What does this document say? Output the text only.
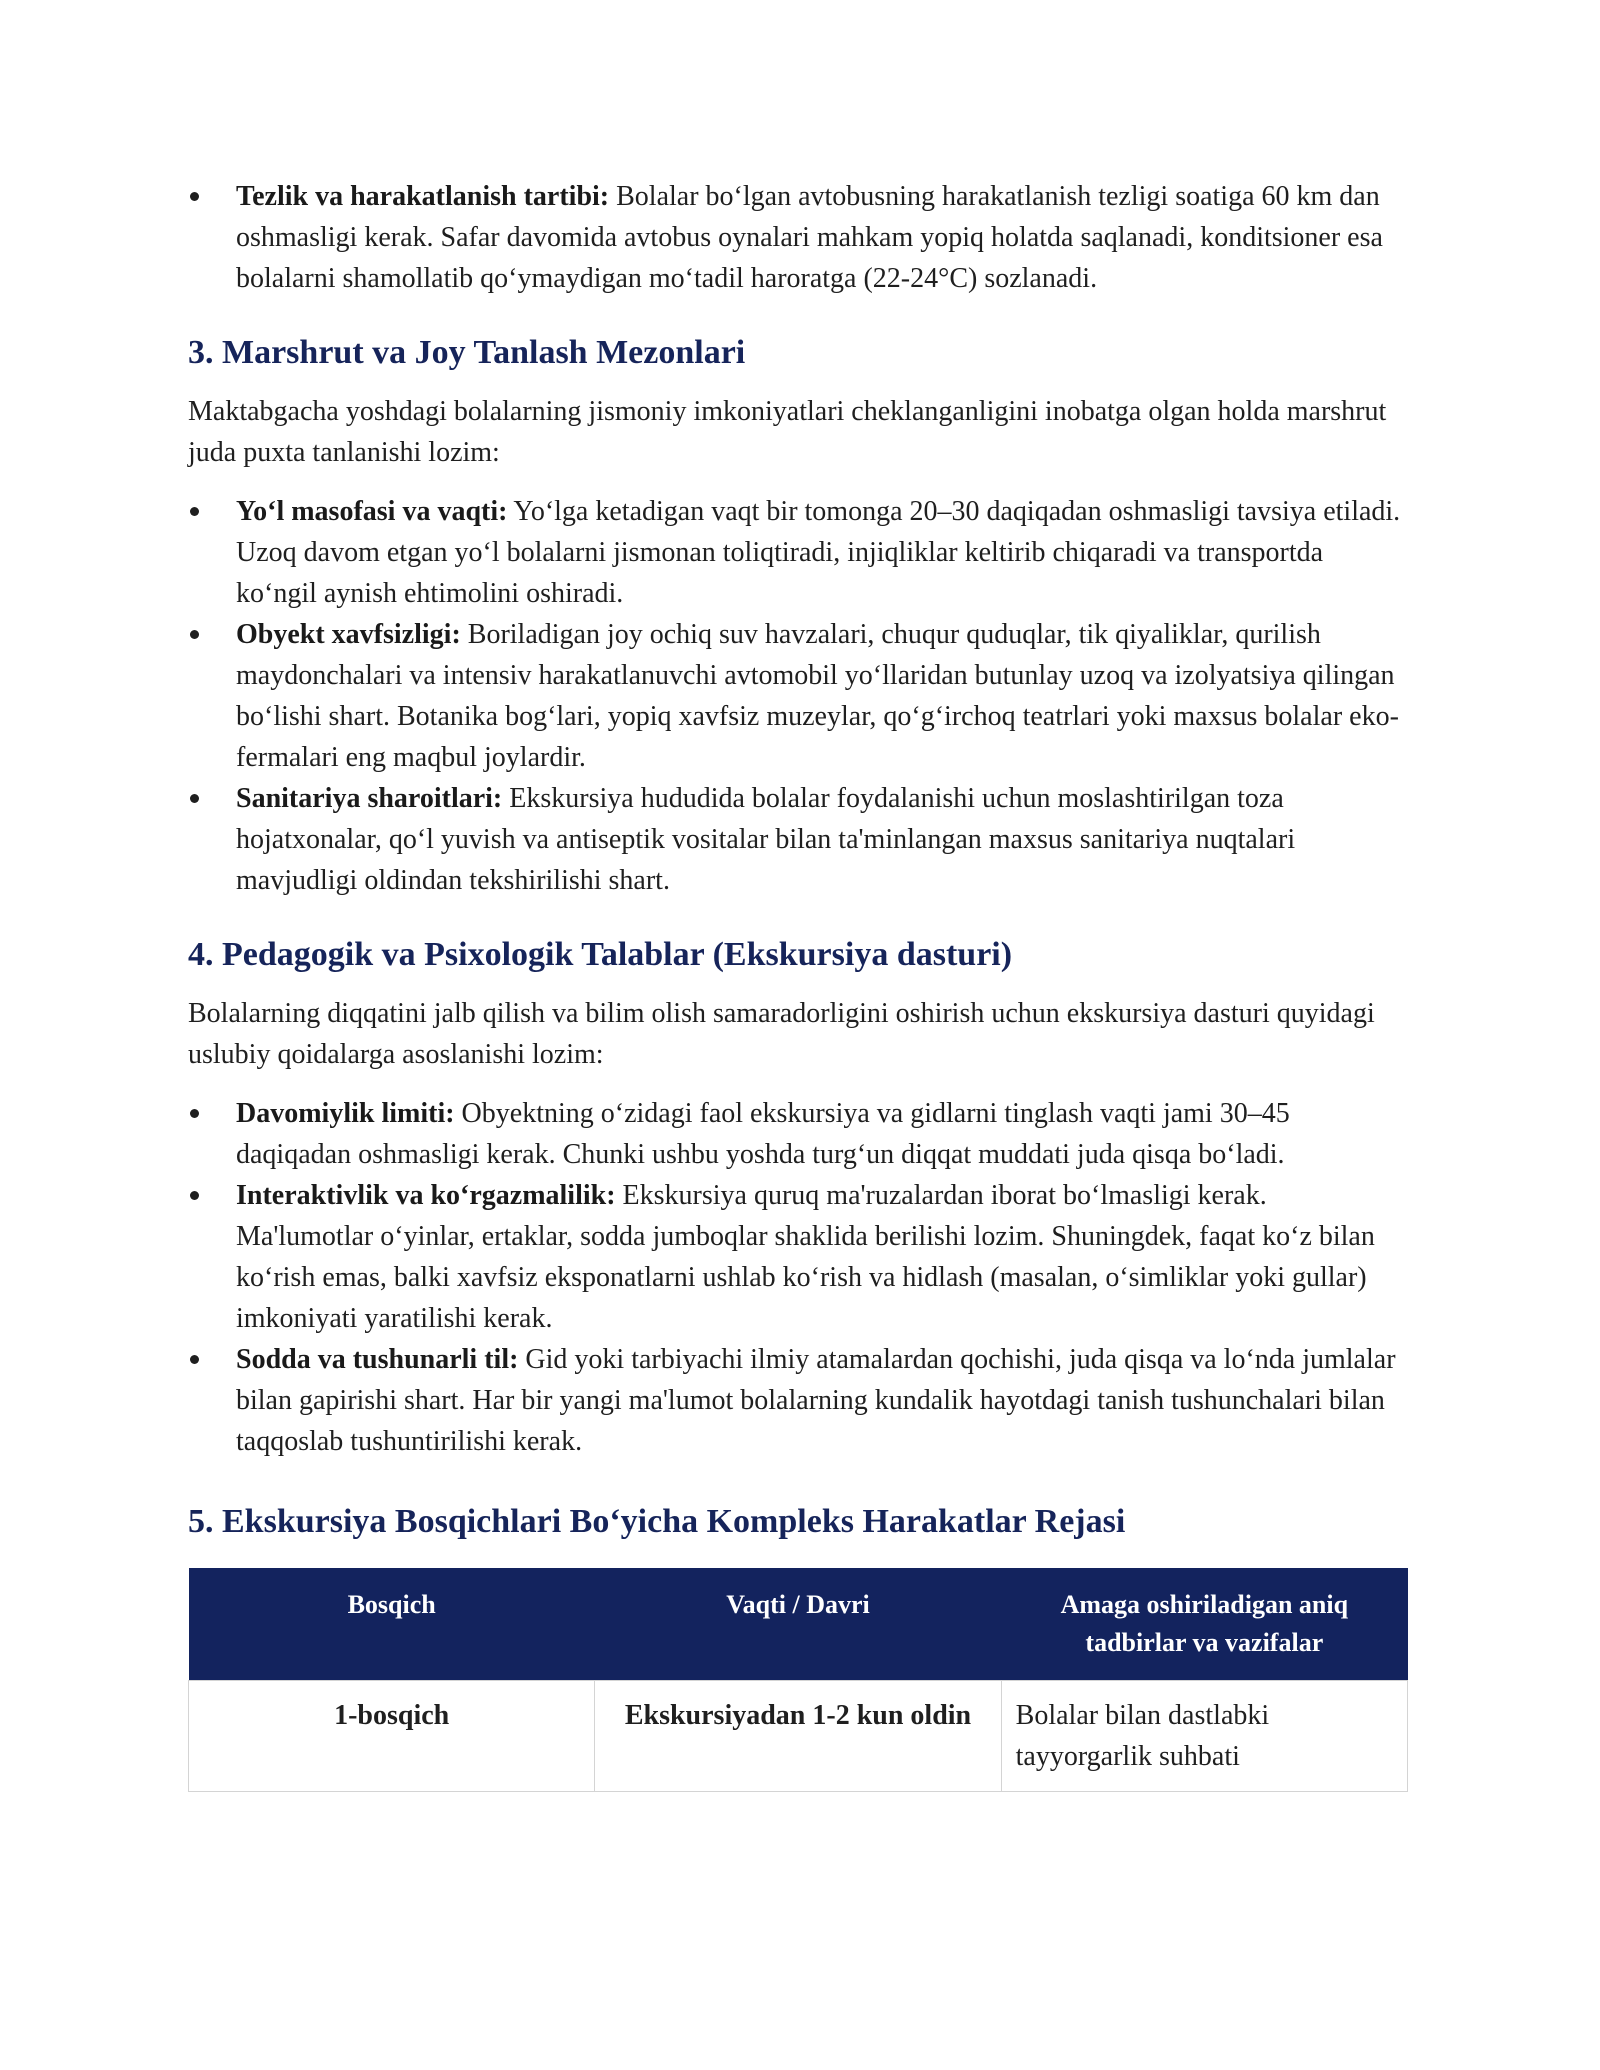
Tezlik va harakatlanish tartibi: Bolalar boʻlgan avtobusning harakatlanish tezligi soatiga 60 km dan oshmasligi kerak. Safar davomida avtobus oynalari mahkam yopiq holatda saqlanadi, konditsioner esa bolalarni shamollatib qoʻymaydigan moʻtadil haroratga (22-24°C) sozlanadi.
3. Marshrut va Joy Tanlash Mezonlari

Maktabgacha yoshdagi bolalarning jismoniy imkoniyatlari cheklanganligini inobatga olgan holda marshrut juda puxta tanlanishi lozim:

Yoʻl masofasi va vaqti: Yoʻlga ketadigan vaqt bir tomonga 20–30 daqiqadan oshmasligi tavsiya etiladi. Uzoq davom etgan yoʻl bolalarni jismonan toliqtiradi, injiqliklar keltirib chiqaradi va transportda koʻngil aynish ehtimolini oshiradi.
Obyekt xavfsizligi: Boriladigan joy ochiq suv havzalari, chuqur quduqlar, tik qiyaliklar, qurilish maydonchalari va intensiv harakatlanuvchi avtomobil yoʻllaridan butunlay uzoq va izolyatsiya qilingan boʻlishi shart. Botanika bogʻlari, yopiq xavfsiz muzeylar, qoʻgʻirchoq teatrlari yoki maxsus bolalar eko-fermalari eng maqbul joylardir.
Sanitariya sharoitlari: Ekskursiya hududida bolalar foydalanishi uchun moslashtirilgan toza hojatxonalar, qoʻl yuvish va antiseptik vositalar bilan ta'minlangan maxsus sanitariya nuqtalari mavjudligi oldindan tekshirilishi shart.
4. Pedagogik va Psixologik Talablar (Ekskursiya dasturi)

Bolalarning diqqatini jalb qilish va bilim olish samaradorligini oshirish uchun ekskursiya dasturi quyidagi uslubiy qoidalarga asoslanishi lozim:

Davomiylik limiti: Obyektning oʻzidagi faol ekskursiya va gidlarni tinglash vaqti jami 30–45 daqiqadan oshmasligi kerak. Chunki ushbu yoshda turgʻun diqqat muddati juda qisqa boʻladi.
Interaktivlik va koʻrgazmalilik: Ekskursiya quruq ma'ruzalardan iborat boʻlmasligi kerak. Ma'lumotlar oʻyinlar, ertaklar, sodda jumboqlar shaklida berilishi lozim. Shuningdek, faqat koʻz bilan koʻrish emas, balki xavfsiz eksponatlarni ushlab koʻrish va hidlash (masalan, oʻsimliklar yoki gullar) imkoniyati yaratilishi kerak.
Sodda va tushunarli til: Gid yoki tarbiyachi ilmiy atamalardan qochishi, juda qisqa va loʻnda jumlalar bilan gapirishi shart. Har bir yangi ma'lumot bolalarning kundalik hayotdagi tanish tushunchalari bilan taqqoslab tushuntirilishi kerak.
5. Ekskursiya Bosqichlari Boʻyicha Kompleks Harakatlar Rejasi
Bosqich	Vaqti / Davri	Amaga oshiriladigan aniq tadbirlar va vazifalar
1-bosqich	Ekskursiyadan 1-2 kun oldin	Bolalar bilan dastlabki tayyorgarlik suhbati
